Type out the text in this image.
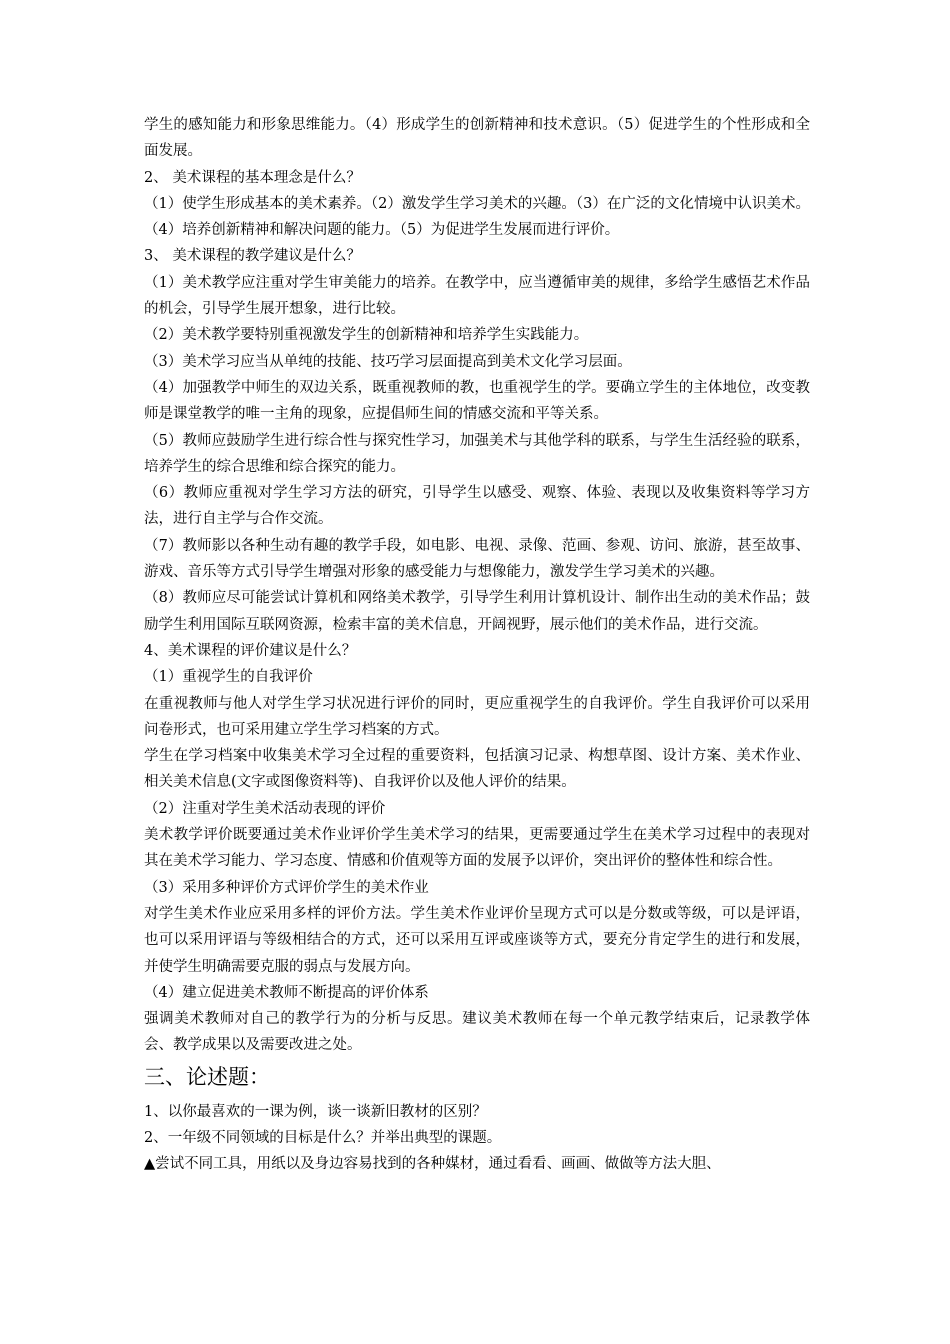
学生的感知能力和形象思维能力。（4）形成学生的创新精神和技术意识。（5）促进学生的个性形成和全面发展。

2、 美术课程的基本理念是什么？

（1）使学生形成基本的美术素养。（2）激发学生学习美术的兴趣。（3）在广泛的文化情境中认识美术。（4）培养创新精神和解决问题的能力。（5）为促进学生发展而进行评价。

3、 美术课程的教学建议是什么？

（1）美术教学应注重对学生审美能力的培养。在教学中，应当遵循审美的规律，多给学生感悟艺术作品的机会，引导学生展开想象，进行比较。

（2）美术教学要特别重视激发学生的创新精神和培养学生实践能力。

（3）美术学习应当从单纯的技能、技巧学习层面提高到美术文化学习层面。

（4）加强教学中师生的双边关系，既重视教师的教，也重视学生的学。要确立学生的主体地位，改变教师是课堂教学的唯一主角的现象，应提倡师生间的情感交流和平等关系。

（5）教师应鼓励学生进行综合性与探究性学习，加强美术与其他学科的联系，与学生生活经验的联系，培养学生的综合思维和综合探究的能力。

（6）教师应重视对学生学习方法的研究，引导学生以感受、观察、体验、表现以及收集资料等学习方法，进行自主学与合作交流。

（7）教师影以各种生动有趣的教学手段，如电影、电视、录像、范画、参观、访问、旅游，甚至故事、游戏、音乐等方式引导学生增强对形象的感受能力与想像能力，激发学生学习美术的兴趣。

（8）教师应尽可能尝试计算机和网络美术教学，引导学生利用计算机设计、制作出生动的美术作品；鼓励学生利用国际互联网资源，检索丰富的美术信息，开阔视野，展示他们的美术作品，进行交流。

4、美术课程的评价建议是什么？

（1）重视学生的自我评价

在重视教师与他人对学生学习状况进行评价的同时，更应重视学生的自我评价。学生自我评价可以采用问卷形式，也可采用建立学生学习档案的方式。

学生在学习档案中收集美术学习全过程的重要资料，包括演习记录、构想草图、设计方案、美术作业、相关美术信息(文字或图像资料等)、自我评价以及他人评价的结果。

（2）注重对学生美术活动表现的评价

美术教学评价既要通过美术作业评价学生美术学习的结果，更需要通过学生在美术学习过程中的表现对其在美术学习能力、学习态度、情感和价值观等方面的发展予以评价，突出评价的整体性和综合性。

（3）采用多种评价方式评价学生的美术作业

对学生美术作业应采用多样的评价方法。学生美术作业评价呈现方式可以是分数或等级，可以是评语，也可以采用评语与等级相结合的方式，还可以采用互评或座谈等方式，要充分肯定学生的进行和发展，并使学生明确需要克服的弱点与发展方向。

（4）建立促进美术教师不断提高的评价体系

强调美术教师对自己的教学行为的分析与反思。建议美术教师在每一个单元教学结束后，记录教学体会、教学成果以及需要改进之处。

三、论述题：

1、以你最喜欢的一课为例，谈一谈新旧教材的区别？

2、一年级不同领域的目标是什么？并举出典型的课题。

▲尝试不同工具，用纸以及身边容易找到的各种媒材，通过看看、画画、做做等方法大胆、
